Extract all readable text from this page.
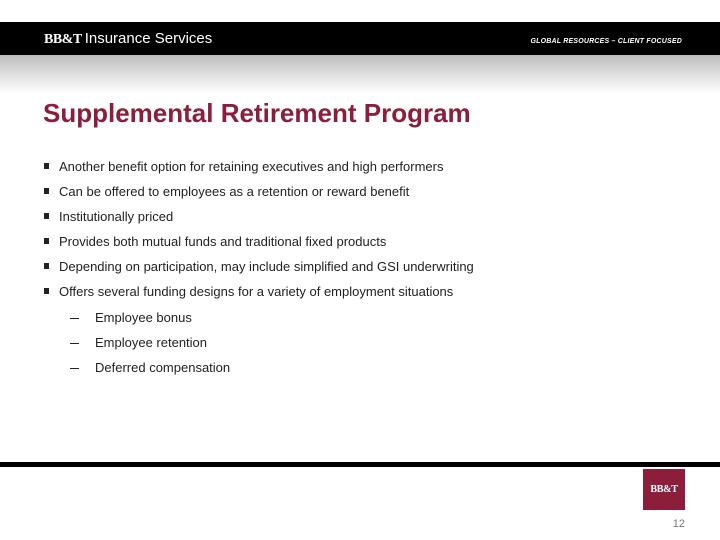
BB&T Insurance Services	GLOBAL RESOURCES – CLIENT FOCUSED
Supplemental Retirement Program
Another benefit option for retaining executives and high performers
Can be offered to employees as a retention or reward benefit
Institutionally priced
Provides both mutual funds and traditional fixed products
Depending on participation, may include simplified and GSI underwriting
Offers several funding designs for a variety of employment situations
Employee bonus
Employee retention
Deferred compensation
BB&T
12
